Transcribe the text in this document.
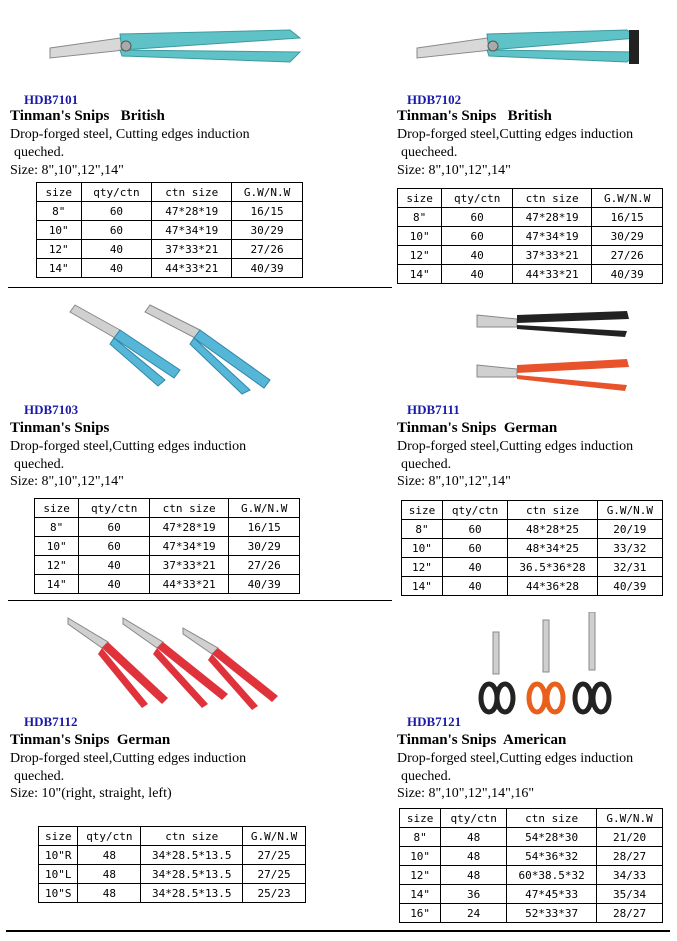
HDB7101
Tinman's Snips   British
Drop-forged steel, Cutting edges induction
queched.
Size: 8",10",12",14"
size	qty/ctn	ctn size	G.W/N.W
8"	60	47*28*19	16/15
10"	60	47*34*19	30/29
12"	40	37*33*21	27/26
14"	40	44*33*21	40/39
HDB7102
Tinman's Snips   British
Drop-forged steel,Cutting edges induction
quecheed.
Size: 8",10",12",14"
size	qty/ctn	ctn size	G.W/N.W
8"	60	47*28*19	16/15
10"	60	47*34*19	30/29
12"	40	37*33*21	27/26
14"	40	44*33*21	40/39
HDB7103
Tinman's Snips
Drop-forged steel,Cutting edges induction
queched.
Size: 8",10",12",14"
size	qty/ctn	ctn size	G.W/N.W
8"	60	47*28*19	16/15
10"	60	47*34*19	30/29
12"	40	37*33*21	27/26
14"	40	44*33*21	40/39
HDB7111
Tinman's Snips  German
Drop-forged steel,Cutting edges induction
queched.
Size: 8",10",12",14"
size	qty/ctn	ctn size	G.W/N.W
8"	60	48*28*25	20/19
10"	60	48*34*25	33/32
12"	40	36.5*36*28	32/31
14"	40	44*36*28	40/39
HDB7112
Tinman's Snips  German
Drop-forged steel,Cutting edges induction
queched.
Size: 10"(right, straight, left)
size	qty/ctn	ctn size	G.W/N.W
10"R	48	34*28.5*13.5	27/25
10"L	48	34*28.5*13.5	27/25
10"S	48	34*28.5*13.5	25/23
HDB7121
Tinman's Snips  American
Drop-forged steel,Cutting edges induction
queched.
Size: 8",10",12",14",16"
size	qty/ctn	ctn size	G.W/N.W
8"	48	54*28*30	21/20
10"	48	54*36*32	28/27
12"	48	60*38.5*32	34/33
14"	36	47*45*33	35/34
16"	24	52*33*37	28/27
